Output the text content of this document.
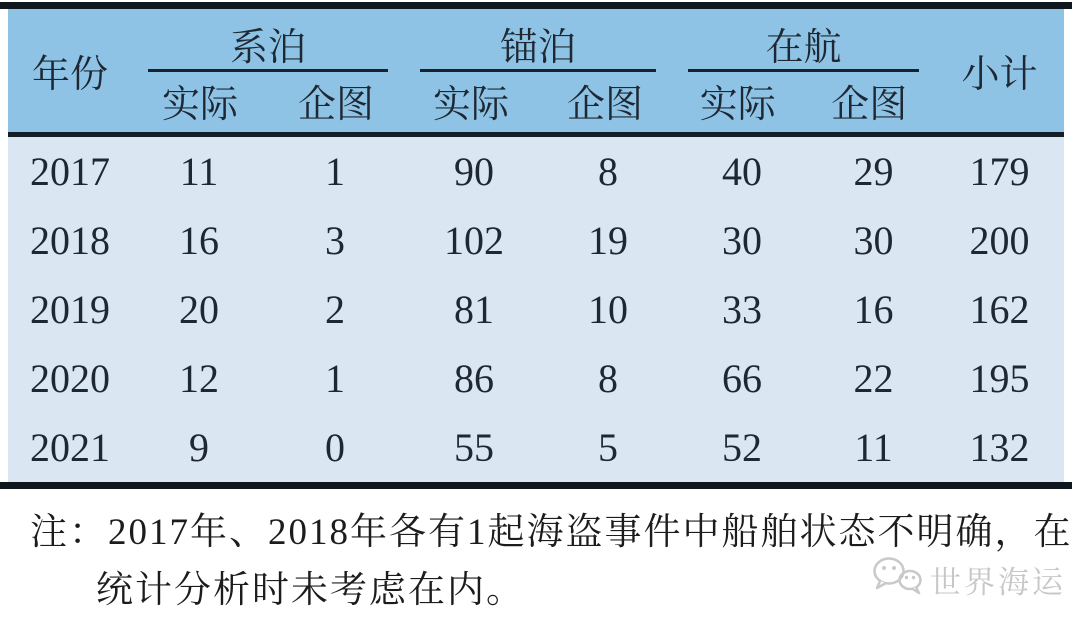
年份
系泊
实际	企图
锚泊
实际	企图
在航
实际	企图
小计
2017	11	1	90	8	40	29	179
2018	16	3	102	19	30	30	200
2019	20	2	81	10	33	16	162
2020	12	1	86	8	66	22	195
2021	9	0	55	5	52	11	132
注：2017年、2018年各有1起海盗事件中船舶状态不明确，在
统计分析时未考虑在内。	世界海运
